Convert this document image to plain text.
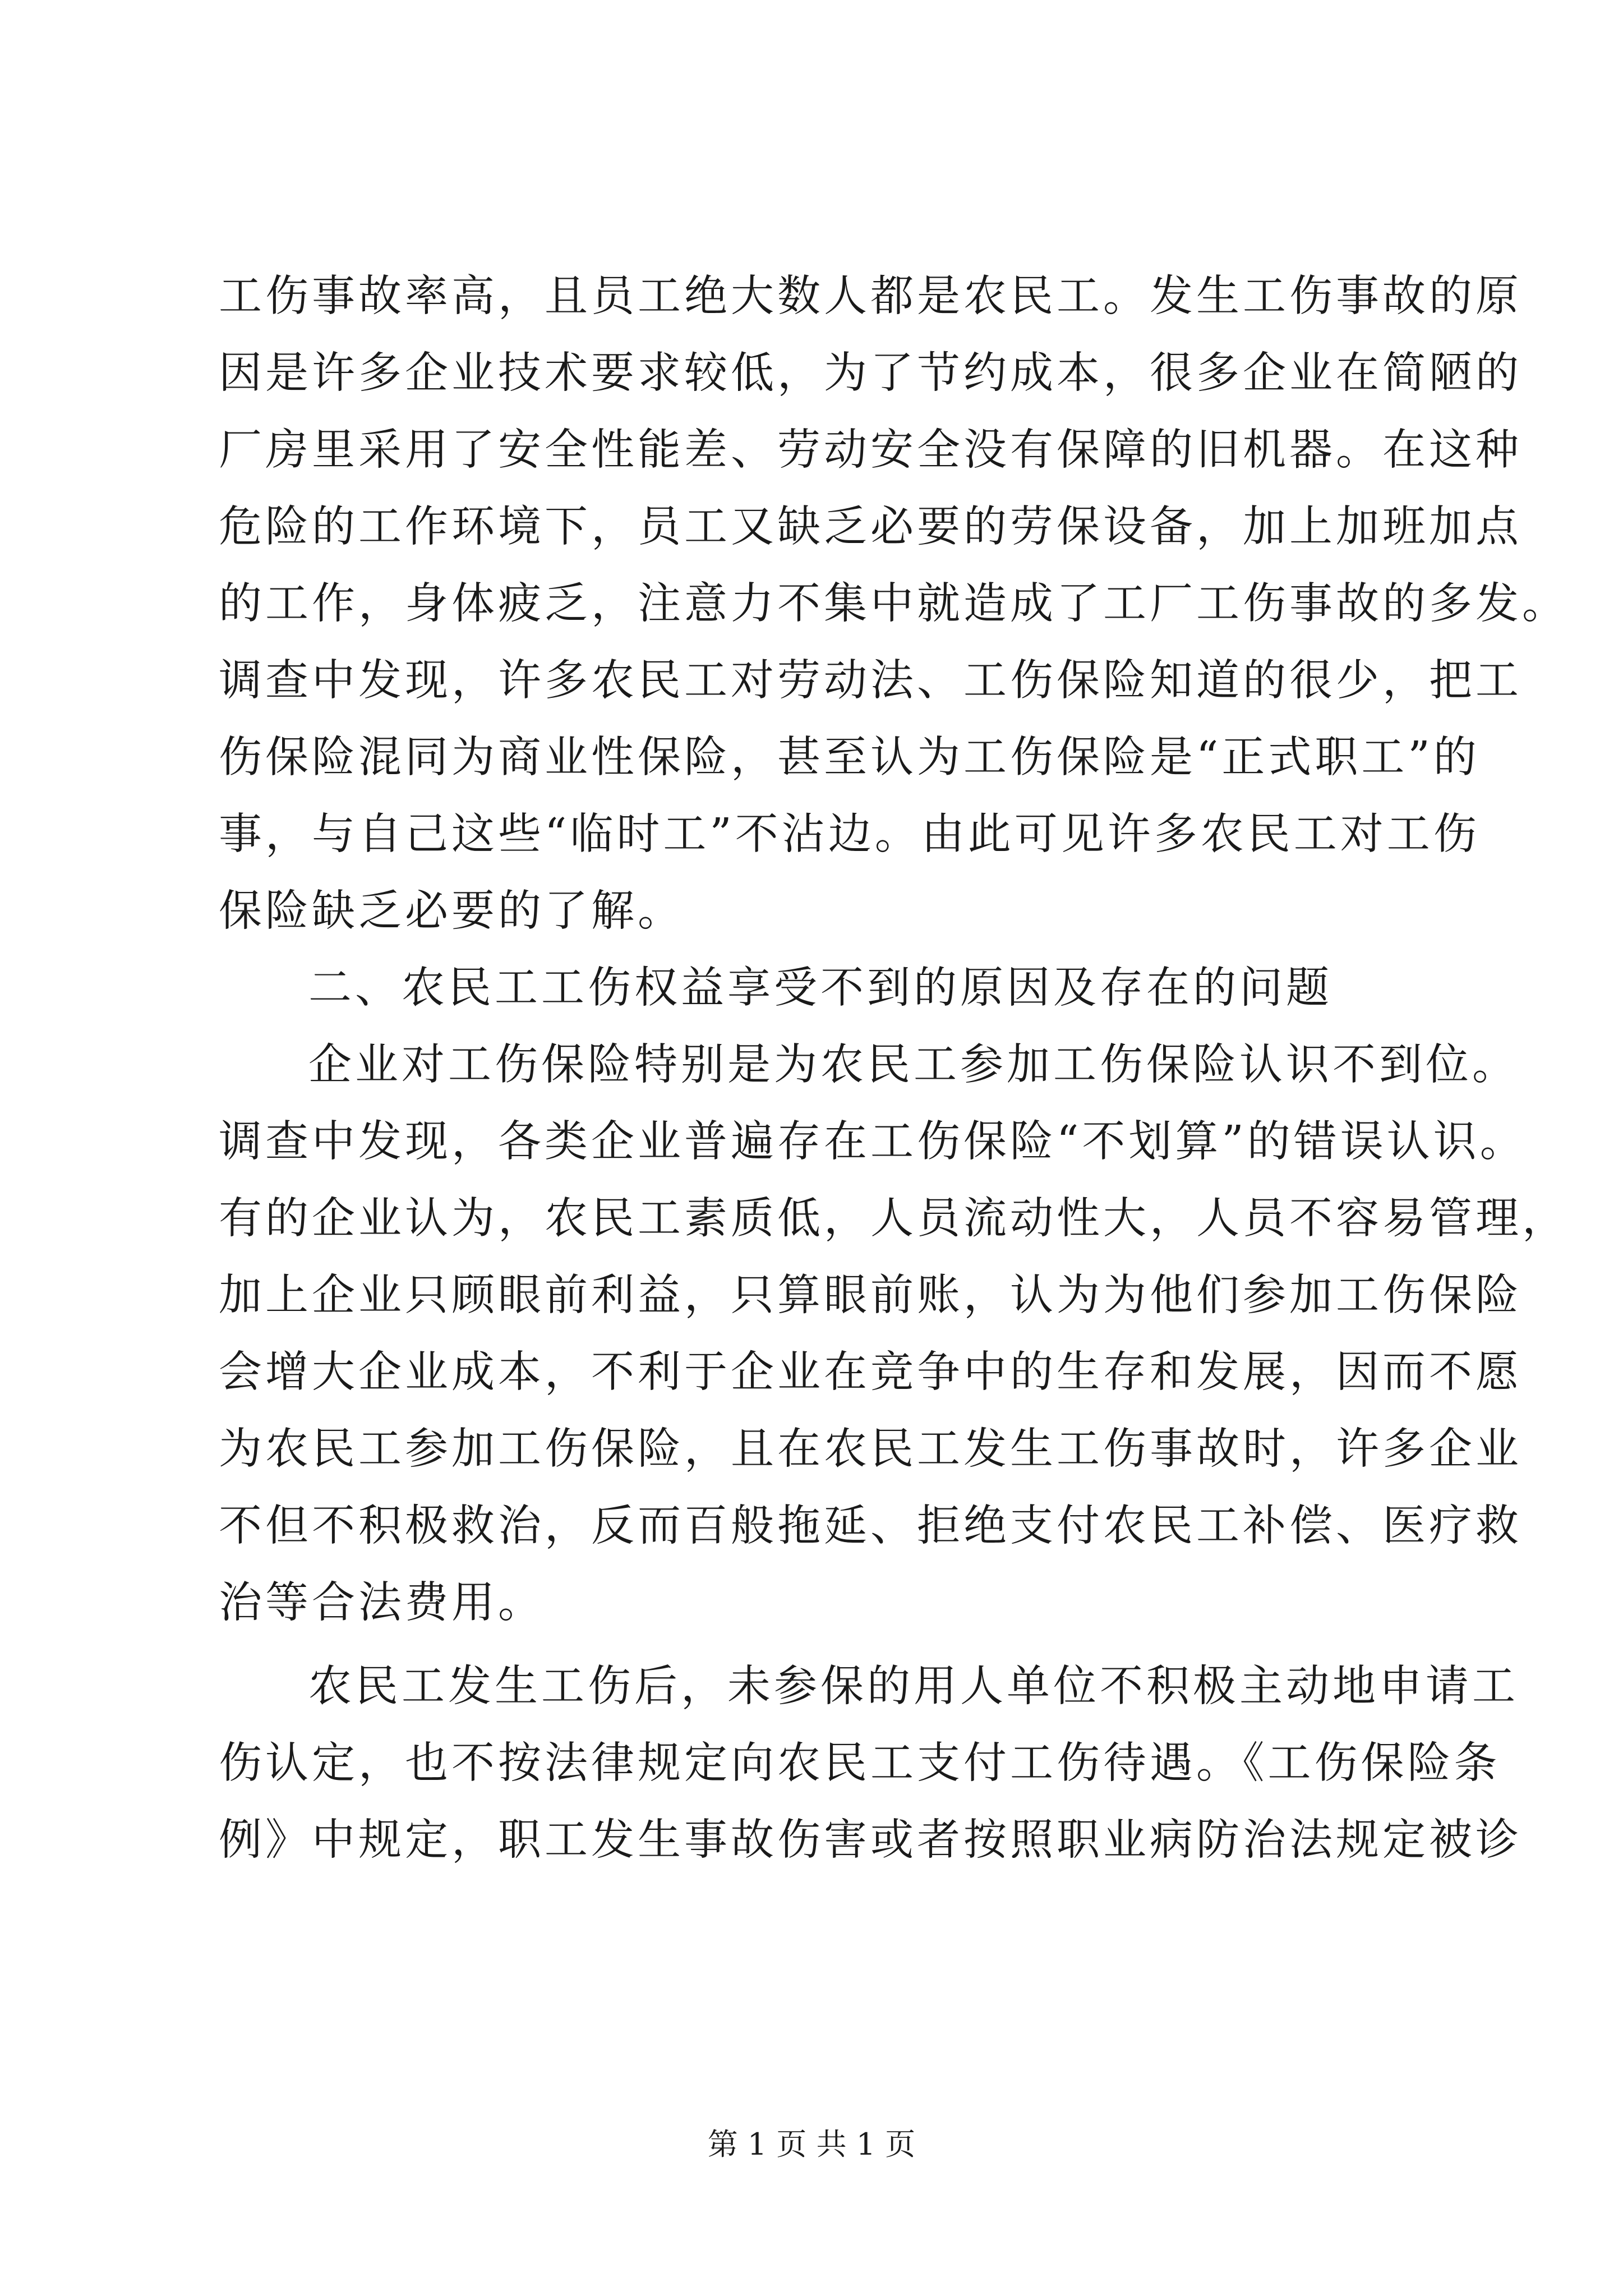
工伤事故率高，且员工绝大数人都是农民工。发生工伤事故的原
因是许多企业技术要求较低，为了节约成本，很多企业在简陋的
厂房里采用了安全性能差、劳动安全没有保障的旧机器。在这种
危险的工作环境下，员工又缺乏必要的劳保设备，加上加班加点
的工作，身体疲乏，注意力不集中就造成了工厂工伤事故的多发。
调查中发现，许多农民工对劳动法、工伤保险知道的很少，把工
伤保险混同为商业性保险，甚至认为工伤保险是“正式职工”的
事，与自己这些“临时工”不沾边。由此可见许多农民工对工伤
保险缺乏必要的了解。
二、农民工工伤权益享受不到的原因及存在的问题
企业对工伤保险特别是为农民工参加工伤保险认识不到位。
调查中发现，各类企业普遍存在工伤保险“不划算”的错误认识。
有的企业认为，农民工素质低，人员流动性大，人员不容易管理，
加上企业只顾眼前利益，只算眼前账，认为为他们参加工伤保险
会增大企业成本，不利于企业在竞争中的生存和发展，因而不愿
为农民工参加工伤保险，且在农民工发生工伤事故时，许多企业
不但不积极救治，反而百般拖延、拒绝支付农民工补偿、医疗救
治等合法费用。
农民工发生工伤后，未参保的用人单位不积极主动地申请工
伤认定，也不按法律规定向农民工支付工伤待遇。《工伤保险条
例》中规定，职工发生事故伤害或者按照职业病防治法规定被诊
第 1 页 共 1 页
